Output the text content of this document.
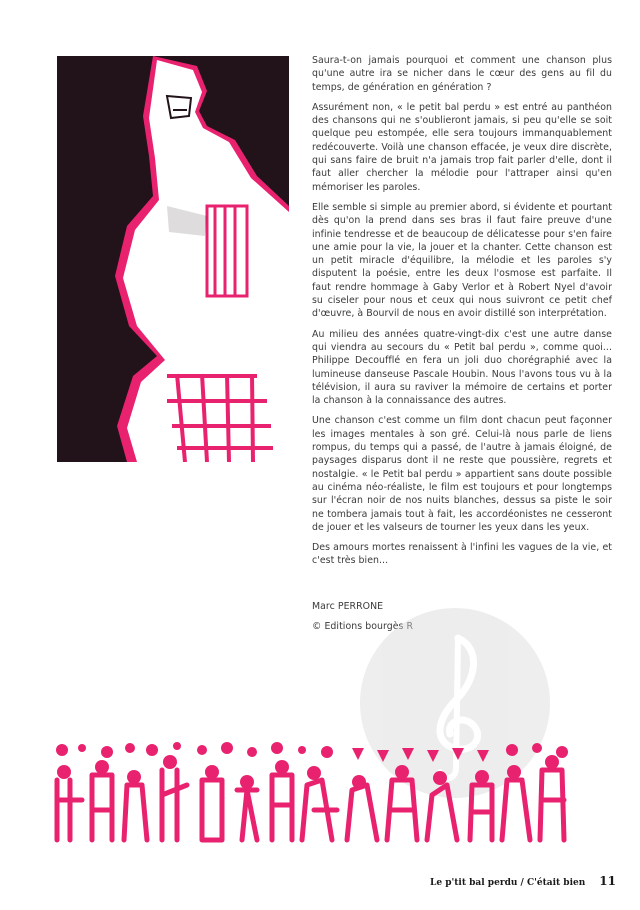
Saura-t-on jamais pourquoi et comment une chanson plus qu'une autre ira se nicher dans le cœur des gens au fil du temps, de génération en génération ?

Assurément non, « le petit bal perdu » est entré au panthéon des chansons qui ne s'oublieront jamais, si peu qu'elle se soit quelque peu estompée, elle sera toujours immanquablement redécouverte. Voilà une chanson effacée, je veux dire discrète, qui sans faire de bruit n'a jamais trop fait parler d'elle, dont il faut aller chercher la mélodie pour l'attraper ainsi qu'en mémoriser les paroles.

Elle semble si simple au premier abord, si évidente et pourtant dès qu'on la prend dans ses bras il faut faire preuve d'une infinie tendresse et de beaucoup de délicatesse pour s'en faire une amie pour la vie, la jouer et la chanter. Cette chanson est un petit miracle d'équilibre, la mélodie et les paroles s'y disputent la poésie, entre les deux l'osmose est parfaite. Il faut rendre hommage à Gaby Verlor et à Robert Nyel d'avoir su ciseler pour nous et ceux qui nous suivront ce petit chef d'œuvre, à Bourvil de nous en avoir distillé son interprétation.

Au milieu des années quatre-vingt-dix c'est une autre danse qui viendra au secours du « Petit bal perdu », comme quoi... Philippe Decoufflé en fera un joli duo chorégraphié avec la lumineuse danseuse Pascale Houbin. Nous l'avons tous vu à la télévision, il aura su raviver la mémoire de certains et porter la chanson à la connaissance des autres.

Une chanson c'est comme un film dont chacun peut façonner les images mentales à son gré. Celui-là nous parle de liens rompus, du temps qui a passé, de l'autre à jamais éloigné, de paysages disparus dont il ne reste que poussière, regrets et nostalgie. « le Petit bal perdu » appartient sans doute possible au cinéma néo-réaliste, le film est toujours et pour longtemps sur l'écran noir de nos nuits blanches, dessus sa piste le soir ne tombera jamais tout à fait, les accordéonistes ne cesseront de jouer et les valseurs de tourner les yeux dans les yeux.

Des amours mortes renaissent à l'infini les vagues de la vie, et c'est très bien...

Marc PERRONE

© Editions bourgès R

Le p'tit bal perdu / C'était bien 11
